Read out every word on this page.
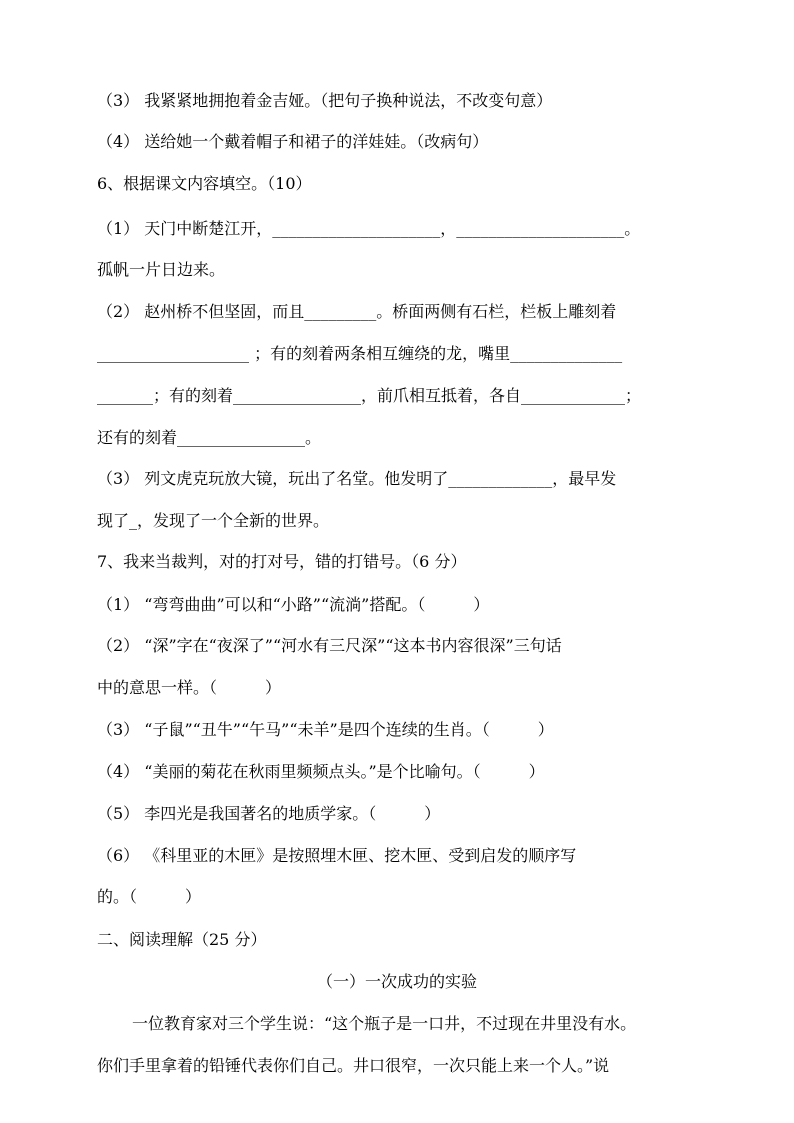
（3） 我紧紧地拥抱着金吉娅。（把句子换种说法，不改变句意）
（4） 送给她一个戴着帽子和裙子的洋娃娃。（改病句）
6、根据课文内容填空。（10）
（1） 天门中断楚江开，_____________________，_____________________。
孤帆一片日边来。
（2） 赵州桥不但坚固，而且_________。桥面两侧有石栏，栏板上雕刻着
___________________ ；有的刻着两条相互缠绕的龙，嘴里______________
_______；有的刻着________________，前爪相互抵着，各自_____________；
还有的刻着________________。
（3） 列文虎克玩放大镜，玩出了名堂。他发明了_____________，最早发
现了_，发现了一个全新的世界。
7、我来当裁判，对的打对号，错的打错号。（6 分）
（1） “弯弯曲曲”可以和“小路”“流淌”搭配。（　　　）
（2） “深”字在“夜深了”“河水有三尺深”“这本书内容很深”三句话
中的意思一样。（　　　）
（3） “子鼠”“丑牛”“午马”“未羊”是四个连续的生肖。（　　　）
（4） “美丽的菊花在秋雨里频频点头。”是个比喻句。（　　　）
（5） 李四光是我国著名的地质学家。（　　　）
（6） 《科里亚的木匣》是按照埋木匣、挖木匣、受到启发的顺序写
的。（　　　）
二、阅读理解（25 分）
（一）一次成功的实验
一位教育家对三个学生说：“这个瓶子是一口井，不过现在井里没有水。
你们手里拿着的铅锤代表你们自己。井口很窄，一次只能上来一个人。”说
